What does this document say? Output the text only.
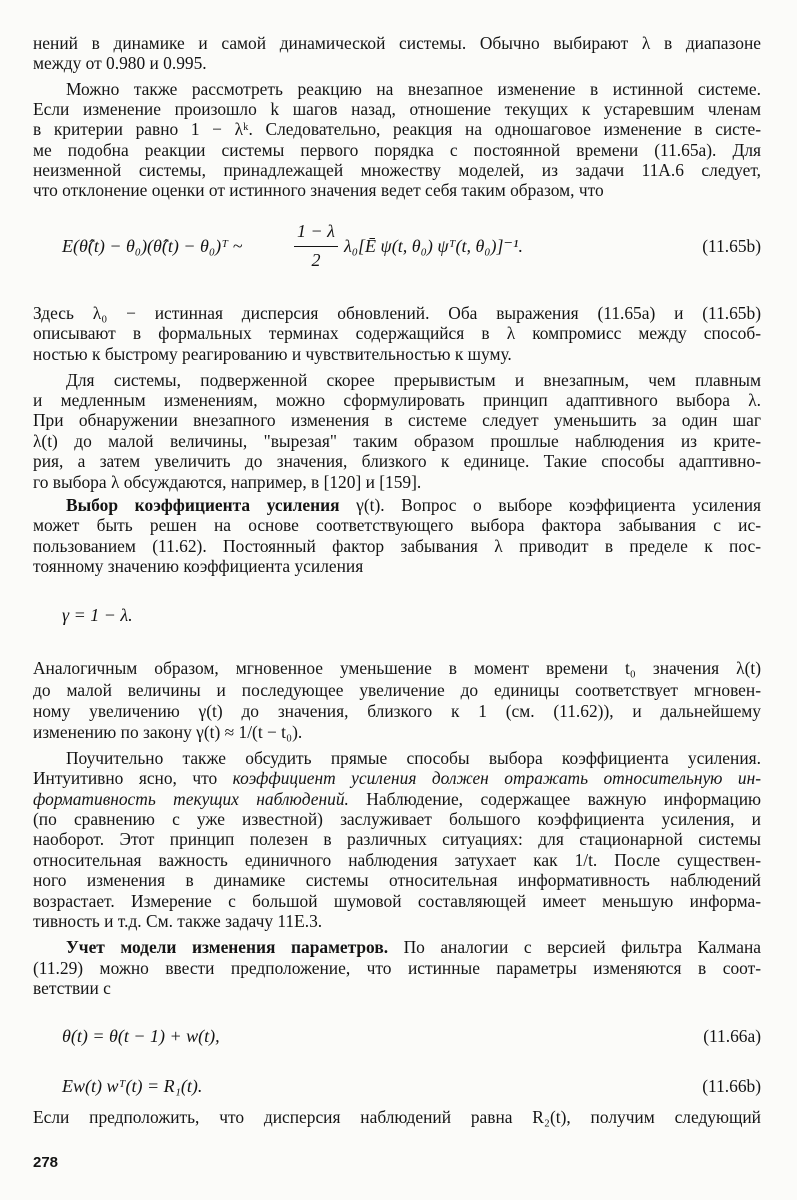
нений в динамике и самой динамической системы. Обычно выбирают λ в диапазоне
между от 0.980 и 0.995.
Можно также рассмотреть реакцию на внезапное изменение в истинной системе.
Если изменение произошло k шагов назад, отношение текущих к устаревшим членам
в критерии равно 1 − λᵏ. Следовательно, реакция на одношаговое изменение в систе-
ме подобна реакции системы первого порядка с постоянной времени (11.65a). Для
неизменной системы, принадлежащей множеству моделей, из задачи 11A.6 следует,
что отклонение оценки от истинного значения ведет себя таким образом, что
E(θ̂(t) − θ₀)(θ̂(t) − θ₀)ᵀ ~
1 − λ
2
λ₀[Ē ψ(t, θ₀) ψᵀ(t, θ₀)]⁻¹.	(11.65b)
Здесь λ₀ − истинная дисперсия обновлений. Оба выражения (11.65a) и (11.65b)
описывают в формальных терминах содержащийся в λ компромисс между способ-
ностью к быстрому реагированию и чувствительностью к шуму.
Для системы, подверженной скорее прерывистым и внезапным, чем плавным
и медленным изменениям, можно сформулировать принцип адаптивного выбора λ.
При обнаружении внезапного изменения в системе следует уменьшить за один шаг
λ(t) до малой величины, "вырезая" таким образом прошлые наблюдения из крите-
рия, а затем увеличить до значения, близкого к единице. Такие способы адаптивно-
го выбора λ обсуждаются, например, в [120] и [159].
Выбор коэффициента усиления γ(t). Вопрос о выборе коэффициента усиления
может быть решен на основе соответствующего выбора фактора забывания с ис-
пользованием (11.62). Постоянный фактор забывания λ приводит в пределе к пос-
тоянному значению коэффициента усиления
γ = 1 − λ.
Аналогичным образом, мгновенное уменьшение в момент времени t₀ значения λ(t)
до малой величины и последующее увеличение до единицы соответствует мгновен-
ному увеличению γ(t) до значения, близкого к 1 (см. (11.62)), и дальнейшему
изменению по закону γ(t) ≈ 1/(t − t₀).
Поучительно также обсудить прямые способы выбора коэффициента усиления.
Интуитивно ясно, что коэффициент усиления должен отражать относительную ин-
формативность текущих наблюдений. Наблюдение, содержащее важную информацию
(по сравнению с уже известной) заслуживает большого коэффициента усиления, и
наоборот. Этот принцип полезен в различных ситуациях: для стационарной системы
относительная важность единичного наблюдения затухает как 1/t. После существен-
ного изменения в динамике системы относительная информативность наблюдений
возрастает. Измерение с большой шумовой составляющей имеет меньшую информа-
тивность и т.д. См. также задачу 11E.3.
Учет модели изменения параметров. По аналогии с версией фильтра Калмана
(11.29) можно ввести предположение, что истинные параметры изменяются в соот-
ветствии с
θ(t) = θ(t − 1) + w(t),	(11.66a)
Ew(t) wᵀ(t) = R₁(t).	(11.66b)
Если предположить, что дисперсия наблюдений равна R₂(t), получим следующий
278
